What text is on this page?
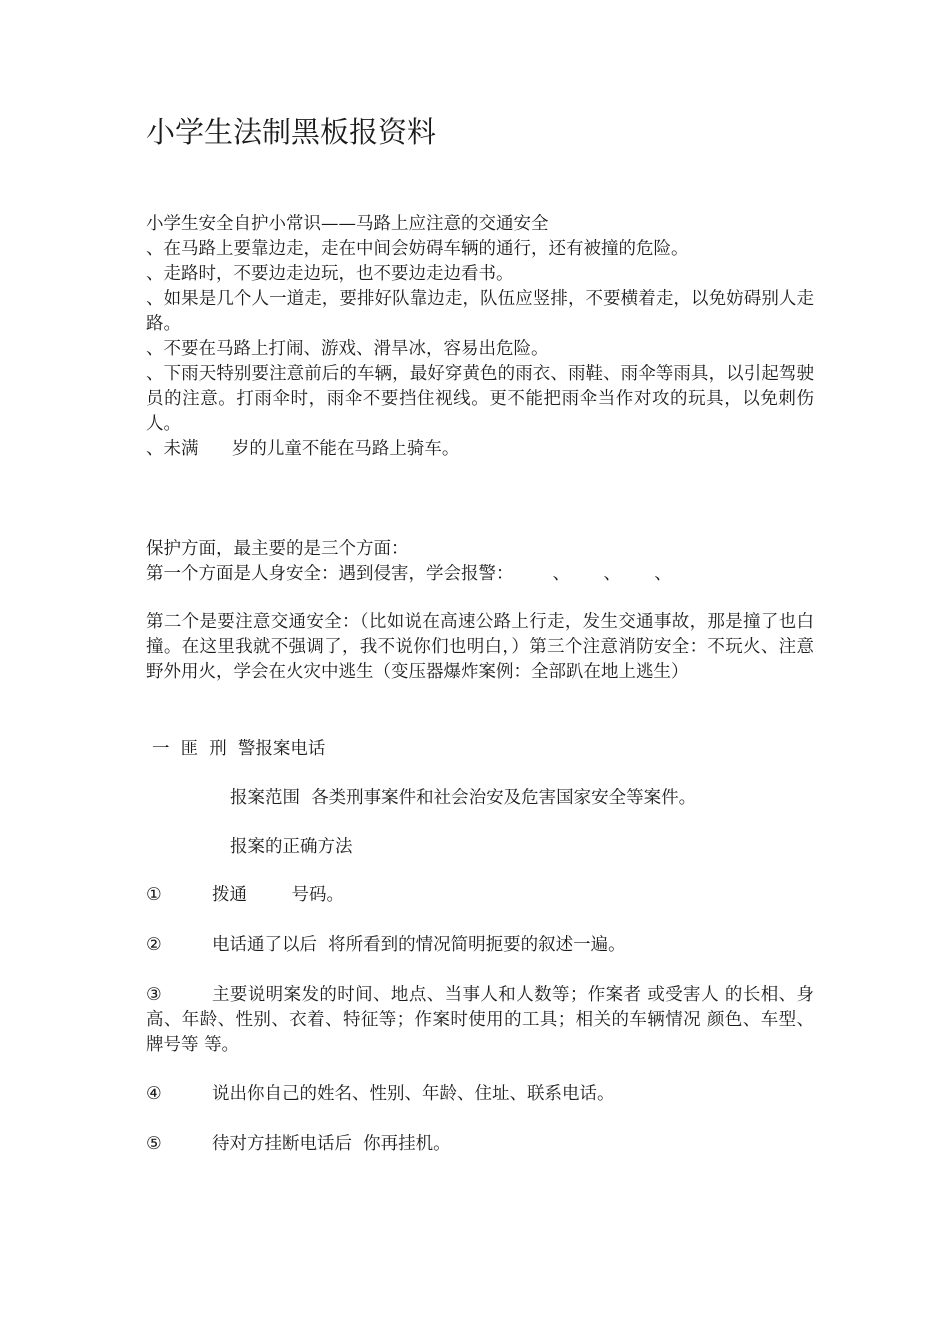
小学生法制黑板报资料
小学生安全自护小常识——马路上应注意的交通安全
、在马路上要靠边走，走在中间会妨碍车辆的通行，还有被撞的危险。
、走路时，不要边走边玩，也不要边走边看书。
、如果是几个人一道走，要排好队靠边走，队伍应竖排，不要横着走，以免妨碍别人走路。
、不要在马路上打闹、游戏、滑旱冰，容易出危险。
、下雨天特别要注意前后的车辆，最好穿黄色的雨衣、雨鞋、雨伞等雨具，以引起驾驶员的注意。打雨伞时，雨伞不要挡住视线。更不能把雨伞当作对攻的玩具，以免刺伤人。
、未满      岁的儿童不能在马路上骑车。
保护方面，最主要的是三个方面：
第一个方面是人身安全：遇到侵害，学会报警：       、      、      、
第二个是要注意交通安全：（比如说在高速公路上行走，发生交通事故，那是撞了也白撞。在这里我就不强调了，我不说你们也明白，）第三个注意消防安全：不玩火、注意野外用火，学会在火灾中逃生（变压器爆炸案例：全部趴在地上逃生）
一  匪  刑  警报案电话
报案范围  各类刑事案件和社会治安及危害国家安全等案件。
报案的正确方法
①	拨通        号码。
②	电话通了以后  将所看到的情况简明扼要的叙述一遍。
③	主要说明案发的时间、地点、当事人和人数等；作案者 或受害人 的长相、身高、年龄、性别、衣着、特征等；作案时使用的工具；相关的车辆情况 颜色、车型、牌号等 等。
④	说出你自己的姓名、性别、年龄、住址、联系电话。
⑤	待对方挂断电话后  你再挂机。
